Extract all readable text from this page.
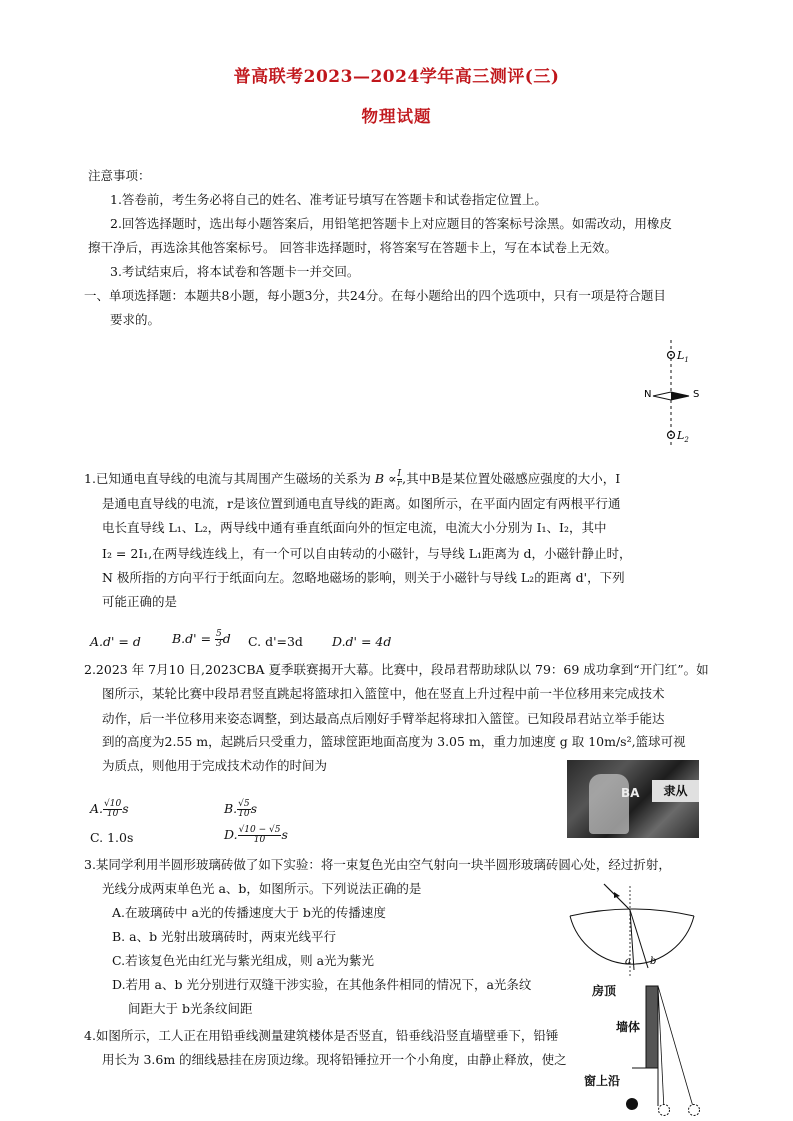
普高联考2023—2024学年高三测评(三)
物理试题
注意事项：
1.答卷前，考生务必将自己的姓名、准考证号填写在答题卡和试卷指定位置上。
2.回答选择题时，选出每小题答案后，用铅笔把答题卡上对应题目的答案标号涂黑。如需改动，用橡皮
擦干净后，再选涂其他答案标号。 回答非选择题时，将答案写在答题卡上，写在本试卷上无效。
3.考试结束后，将本试卷和答题卡一并交回。
一、单项选择题：本题共8小题，每小题3分，共24分。在每小题给出的四个选项中，只有一项是符合题目
要求的。
N	S
$L_1$
$L_2$
1.已知通电直导线的电流与其周围产生磁场的关系为 $B \propto \frac{I}{r}$ ,其中B是某位置处磁感应强度的大小，I
是通电直导线的电流，r是该位置到通电直导线的距离。如图所示，在平面内固定有两根平行通
电长直导线 L₁、L₂，两导线中通有垂直纸面向外的恒定电流，电流大小分别为 I₁、I₂，其中
I₂ = 2I₁,在两导线连线上，有一个可以自由转动的小磁针，与导线 L₁距离为 d，小磁针静止时，
N 极所指的方向平行于纸面向左。忽略地磁场的影响，则关于小磁针与导线 L₂的距离 d'，下列
可能正确的是
A.d' = d $B.d' = \frac{5}{3}$ d C. d'=3d D.d' = 4d
2.2023 年 7月10 日,2023CBA 夏季联赛揭开大幕。比赛中，段昂君帮助球队以 79：69 成功拿到“开门红”。如
图所示，某轮比赛中段昂君竖直跳起将篮球扣入篮筐中，他在竖直上升过程中前一半位移用来完成技术
动作，后一半位移用来姿态调整，到达最高点后刚好手臂举起将球扣入篮筐。已知段昂君站立举手能达
到的高度为2.55 m，起跳后只受重力，篮球筐距地面高度为 3.05 m，重力加速度 g 取 10m/s²,篮球可视
为质点，则他用于完成技术动作的时间为
BA	隶从
A. $\frac{√10}{10}$ s	B. $\frac{√5}{10}$ s
C. 1.0s	D. $\frac{√10 - √5}{10}$ s
3.某同学利用半圆形玻璃砖做了如下实验：将一束复色光由空气射向一块半圆形玻璃砖圆心处，经过折射，
光线分成两束单色光 a、b，如图所示。下列说法正确的是
A.在玻璃砖中 a光的传播速度大于 b光的传播速度
B. a、b 光射出玻璃砖时，两束光线平行
C.若该复色光由红光与紫光组成，则 a光为紫光
D.若用 a、b 光分别进行双缝干涉实验，在其他条件相同的情况下，a光条纹
间距大于 b光条纹间距
a b
4.如图所示，工人正在用铅垂线测量建筑楼体是否竖直，铅垂线沿竖直墙壁垂下，铅锤
用长为 3.6m 的细线悬挂在房顶边缘。现将铅锤拉开一个小角度，由静止释放，使之
房顶
墙体
窗上沿
